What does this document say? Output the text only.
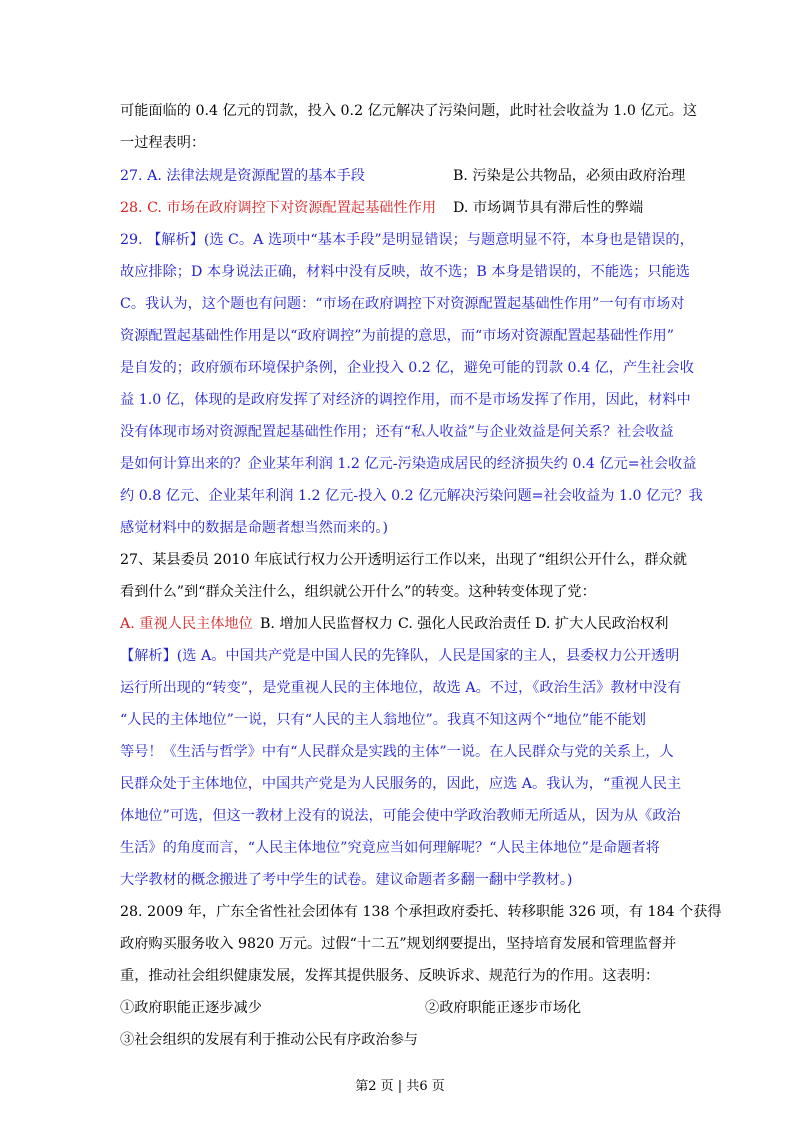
可能面临的 0.4 亿元的罚款，投入 0.2 亿元解决了污染问题，此时社会收益为 1.0 亿元。这
一过程表明：
27. A. 法律法规是资源配置的基本手段	B. 污染是公共物品，必须由政府治理
28. C. 市场在政府调控下对资源配置起基础性作用 D. 市场调节具有滞后性的弊端
29. 【解析】(选 C。A 选项中“基本手段”是明显错误；与题意明显不符，本身也是错误的，
故应排除；D 本身说法正确，材料中没有反映，故不选；B 本身是错误的，不能选；只能选
C。我认为，这个题也有问题：“市场在政府调控下对资源配置起基础性作用”一句有市场对
资源配置起基础性作用是以“政府调控”为前提的意思，而“市场对资源配置起基础性作用”
是自发的；政府颁布环境保护条例，企业投入 0.2 亿，避免可能的罚款 0.4 亿，产生社会收
益 1.0 亿，体现的是政府发挥了对经济的调控作用，而不是市场发挥了作用，因此，材料中
没有体现市场对资源配置起基础性作用；还有“私人收益”与企业效益是何关系？社会收益
是如何计算出来的？企业某年利润 1.2 亿元-污染造成居民的经济损失约 0.4 亿元=社会收益
约 0.8 亿元、企业某年利润 1.2 亿元-投入 0.2 亿元解决污染问题=社会收益为 1.0 亿元？我
感觉材料中的数据是命题者想当然而来的。)
27、某县委员 2010 年底试行权力公开透明运行工作以来，出现了“组织公开什么，群众就
看到什么”到“群众关注什么，组织就公开什么”的转变。这种转变体现了党：
A. 重视人民主体地位 B. 增加人民监督权力 C. 强化人民政治责任 D. 扩大人民政治权利
【解析】(选 A。中国共产党是中国人民的先锋队，人民是国家的主人，县委权力公开透明
运行所出现的“转变”，是党重视人民的主体地位，故选 A。不过，《政治生活》教材中没有
“人民的主体地位”一说，只有“人民的主人翁地位”。我真不知这两个“地位”能不能划
等号！《生活与哲学》中有“人民群众是实践的主体”一说。在人民群众与党的关系上，人
民群众处于主体地位，中国共产党是为人民服务的，因此，应选 A。我认为，“重视人民主
体地位”可选，但这一教材上没有的说法，可能会使中学政治教师无所适从，因为从《政治
生活》的角度而言，“人民主体地位”究竟应当如何理解呢？“人民主体地位”是命题者将
大学教材的概念搬进了考中学生的试卷。建议命题者多翻一翻中学教材。)
28. 2009 年，广东全省性社会团体有 138 个承担政府委托、转移职能 326 项，有 184 个获得
政府购买服务收入 9820 万元。过假“十二五”规划纲要提出，坚持培育发展和管理监督并
重，推动社会组织健康发展，发挥其提供服务、反映诉求、规范行为的作用。这表明：
①政府职能正逐步减少	②政府职能正逐步市场化
③社会组织的发展有利于推动公民有序政治参与
第2 页 | 共6 页
